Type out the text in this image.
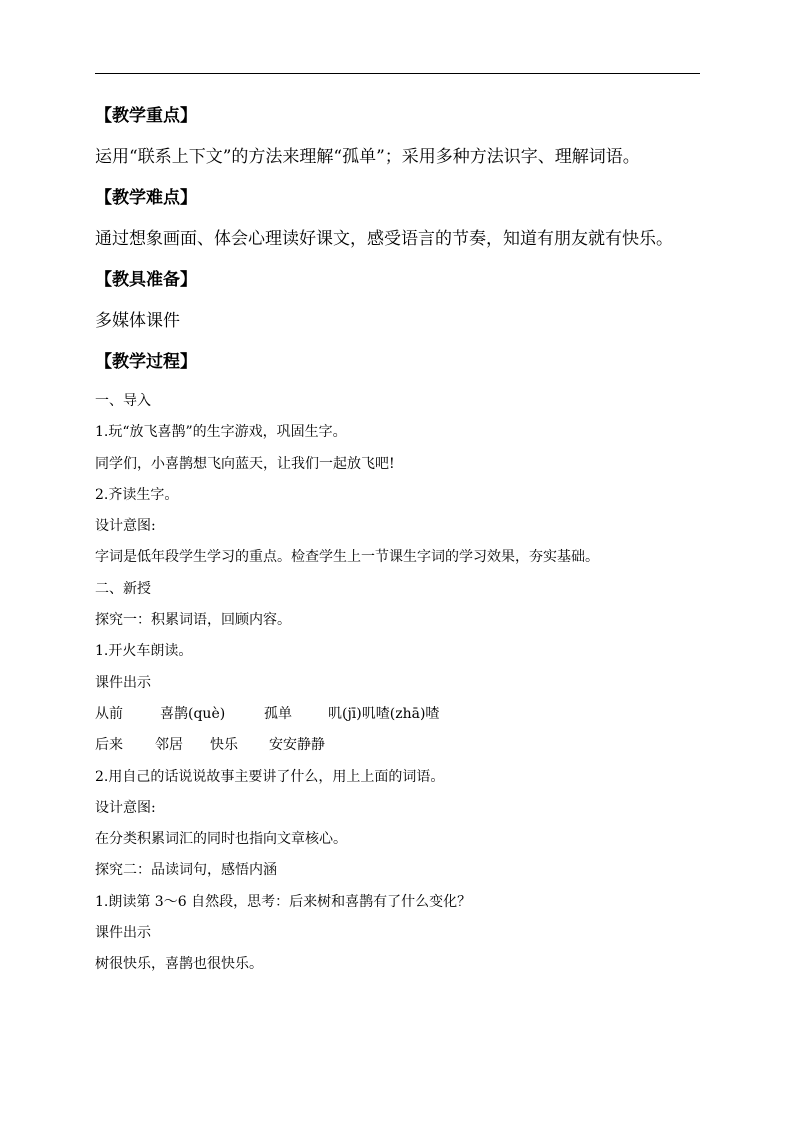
【教学重点】
运用“联系上下文”的方法来理解“孤单”；采用多种方法识字、理解词语。
【教学难点】
通过想象画面、体会心理读好课文，感受语言的节奏，知道有朋友就有快乐。
【教具准备】
多媒体课件
【教学过程】
一、导入
1.玩“放飞喜鹊”的生字游戏，巩固生字。
同学们，小喜鹊想飞向蓝天，让我们一起放飞吧!
2.齐读生字。
设计意图:
字词是低年段学生学习的重点。检查学生上一节课生字词的学习效果，夯实基础。
二、新授
探究一：积累词语，回顾内容。
1.开火车朗读。
课件出示
从前	喜鹊(què)	孤单	叽(jī)叽喳(zhā)喳
后来 邻居 快乐 安安静静
2.用自己的话说说故事主要讲了什么，用上上面的词语。
设计意图:
在分类积累词汇的同时也指向文章核心。
探究二：品读词句，感悟内涵
1.朗读第 3～6 自然段，思考：后来树和喜鹊有了什么变化？
课件出示
树很快乐，喜鹊也很快乐。
